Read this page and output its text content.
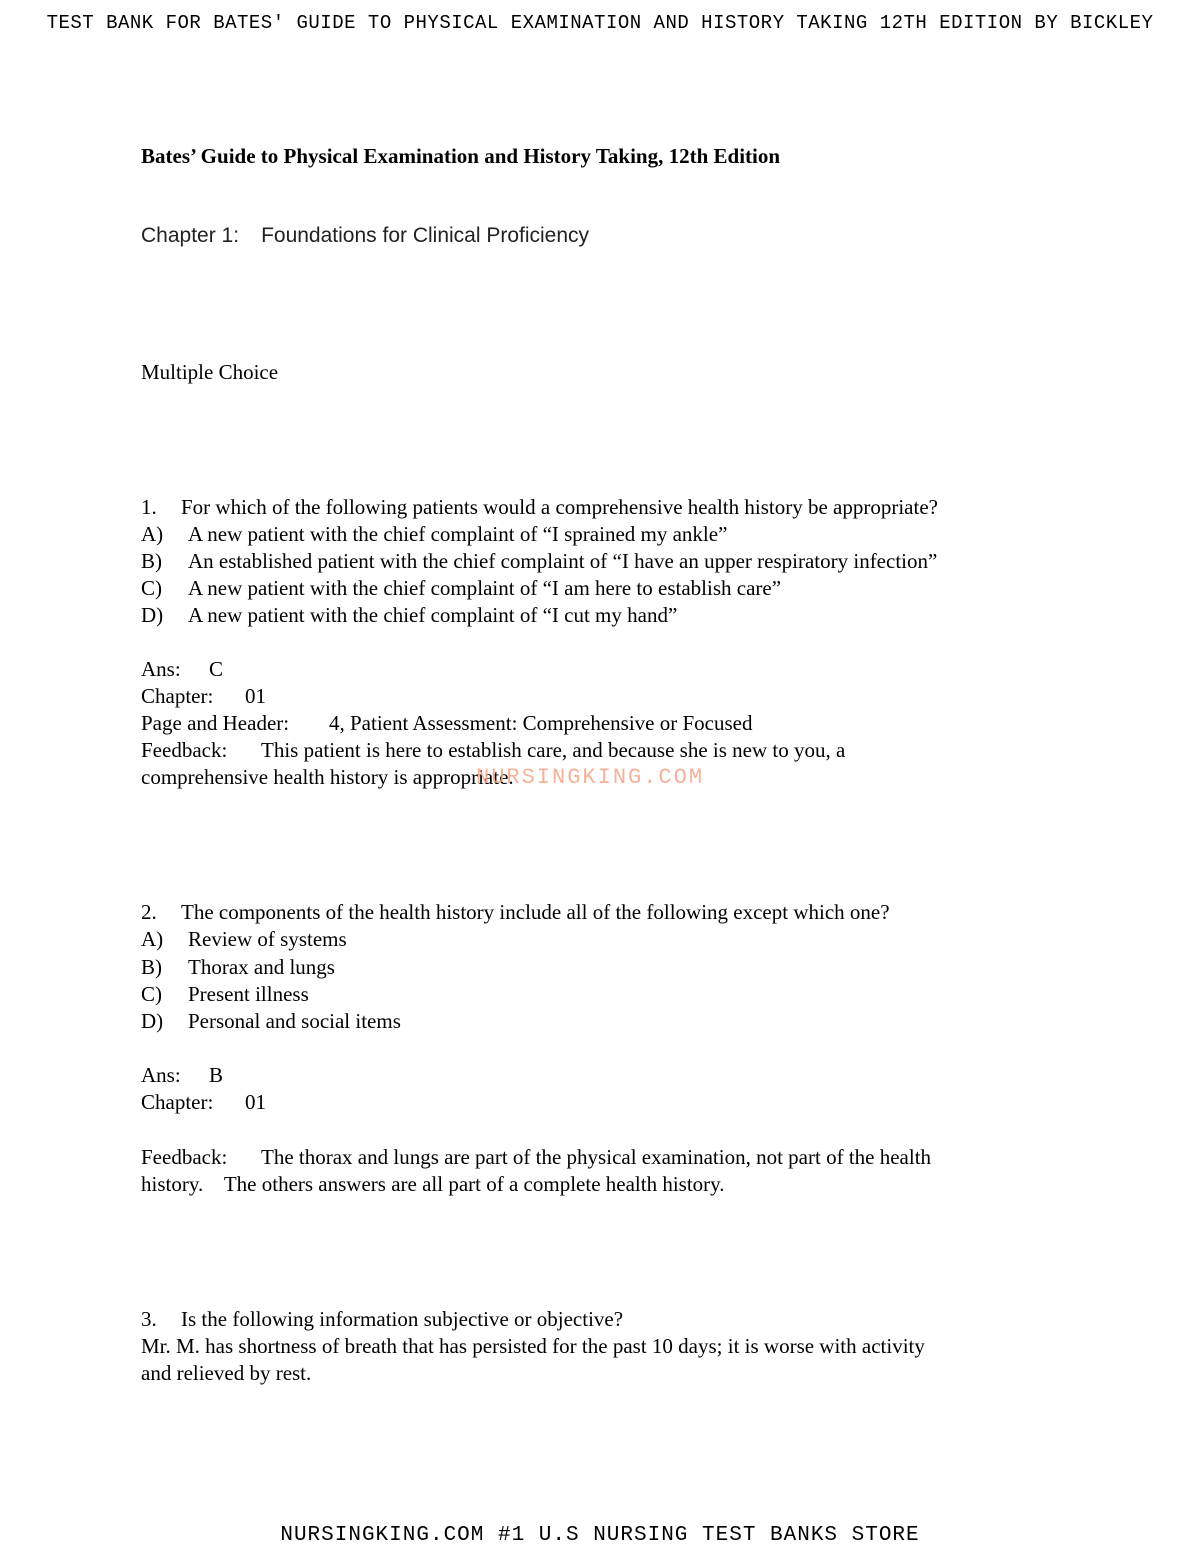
TEST BANK FOR BATES' GUIDE TO PHYSICAL EXAMINATION AND HISTORY TAKING 12TH EDITION BY BICKLEY
Bates’ Guide to Physical Examination and History Taking, 12th Edition
Chapter 1: Foundations for Clinical Proficiency
Multiple Choice
1. For which of the following patients would a comprehensive health history be appropriate?
A) A new patient with the chief complaint of “I sprained my ankle”
B) An established patient with the chief complaint of “I have an upper respiratory infection”
C) A new patient with the chief complaint of “I am here to establish care”
D) A new patient with the chief complaint of “I cut my hand”
Ans: C
Chapter: 01
Page and Header: 4, Patient Assessment: Comprehensive or Focused
Feedback: This patient is here to establish care, and because she is new to you, a
comprehensive health history is appropriate.
NURSINGKING.COM
2. The components of the health history include all of the following except which one?
A) Review of systems
B) Thorax and lungs
C) Present illness
D) Personal and social items
Ans: B
Chapter: 01
Feedback: The thorax and lungs are part of the physical examination, not part of the health
history.    The others answers are all part of a complete health history.
3. Is the following information subjective or objective?
Mr. M. has shortness of breath that has persisted for the past 10 days; it is worse with activity
and relieved by rest.
NURSINGKING.COM #1 U.S NURSING TEST BANKS STORE
